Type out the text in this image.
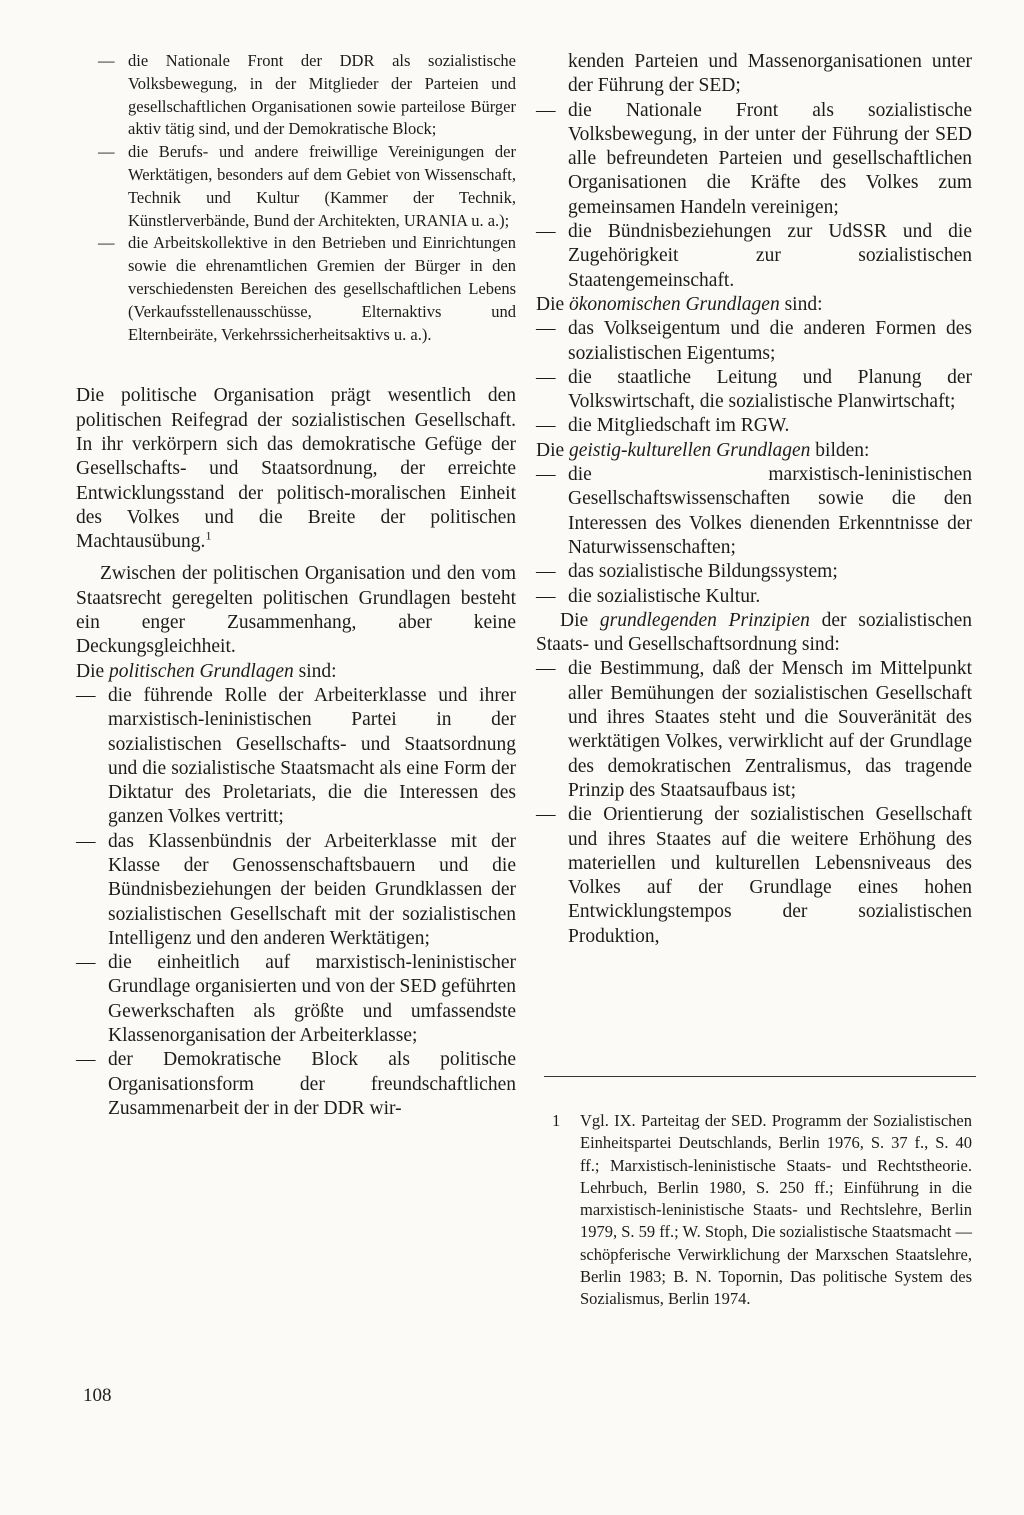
— die Nationale Front der DDR als sozialistische Volksbewegung, in der Mitglieder der Parteien und gesellschaftlichen Organisationen sowie parteilose Bürger aktiv tätig sind, und der Demokratische Block;
— die Berufs- und andere freiwillige Vereinigungen der Werktätigen, besonders auf dem Gebiet von Wissenschaft, Technik und Kultur (Kammer der Technik, Künstlerverbände, Bund der Architekten, URANIA u. a.);
— die Arbeitskollektive in den Betrieben und Einrichtungen sowie die ehrenamtlichen Gremien der Bürger in den verschiedensten Bereichen des gesellschaftlichen Lebens (Verkaufsstellenausschüsse, Elternaktivs und Elternbeiräte, Verkehrssicherheitsaktivs u. a.).

Die politische Organisation prägt wesentlich den politischen Reifegrad der sozialistischen Gesellschaft. In ihr verkörpern sich das demokratische Gefüge der Gesellschafts- und Staatsordnung, der erreichte Entwicklungsstand der politisch-moralischen Einheit des Volkes und die Breite der politischen Machtausübung.$^1$

Zwischen der politischen Organisation und den vom Staatsrecht geregelten politischen Grundlagen besteht ein enger Zusammenhang, aber keine Deckungsgleichheit.

Die politischen Grundlagen sind:

— die führende Rolle der Arbeiterklasse und ihrer marxistisch-leninistischen Partei in der sozialistischen Gesellschafts- und Staatsordnung und die sozialistische Staatsmacht als eine Form der Diktatur des Proletariats, die die Interessen des ganzen Volkes vertritt;
— das Klassenbündnis der Arbeiterklasse mit der Klasse der Genossenschaftsbauern und die Bündnisbeziehungen der beiden Grundklassen der sozialistischen Gesellschaft mit der sozialistischen Intelligenz und den anderen Werktätigen;
— die einheitlich auf marxistisch-leninistischer Grundlage organisierten und von der SED geführten Gewerkschaften als größte und umfassendste Klassenorganisation der Arbeiterklasse;
— der Demokratische Block als politische Organisationsform der freundschaftlichen Zusammenarbeit der in der DDR wir-

kenden Parteien und Massenorganisationen unter der Führung der SED;

— die Nationale Front als sozialistische Volksbewegung, in der unter der Führung der SED alle befreundeten Parteien und gesellschaftlichen Organisationen die Kräfte des Volkes zum gemeinsamen Handeln vereinigen;
— die Bündnisbeziehungen zur UdSSR und die Zugehörigkeit zur sozialistischen Staatengemeinschaft.

Die ökonomischen Grundlagen sind:

— das Volkseigentum und die anderen Formen des sozialistischen Eigentums;
— die staatliche Leitung und Planung der Volkswirtschaft, die sozialistische Planwirtschaft;
— die Mitgliedschaft im RGW.

Die geistig-kulturellen Grundlagen bilden:

— die marxistisch-leninistischen Gesellschaftswissenschaften sowie die den Interessen des Volkes dienenden Erkenntnisse der Naturwissenschaften;
— das sozialistische Bildungssystem;
— die sozialistische Kultur.

Die grundlegenden Prinzipien der sozialistischen Staats- und Gesellschaftsordnung sind:

— die Bestimmung, daß der Mensch im Mittelpunkt aller Bemühungen der sozialistischen Gesellschaft und ihres Staates steht und die Souveränität des werktätigen Volkes, verwirklicht auf der Grundlage des demokratischen Zentralismus, das tragende Prinzip des Staatsaufbaus ist;
— die Orientierung der sozialistischen Gesellschaft und ihres Staates auf die weitere Erhöhung des materiellen und kulturellen Lebensniveaus des Volkes auf der Grundlage eines hohen Entwicklungstempos der sozialistischen Produktion,
1	Vgl. IX. Parteitag der SED. Programm der Sozialistischen Einheitspartei Deutschlands, Berlin 1976, S. 37 f., S. 40 ff.; Marxistisch-leninistische Staats- und Rechtstheorie. Lehrbuch, Berlin 1980, S. 250 ff.; Einführung in die marxistisch-leninistische Staats- und Rechtslehre, Berlin 1979, S. 59 ff.; W. Stoph, Die sozialistische Staatsmacht — schöpferische Verwirklichung der Marxschen Staatslehre, Berlin 1983; B. N. Topornin, Das politische System des Sozialismus, Berlin 1974.
108
